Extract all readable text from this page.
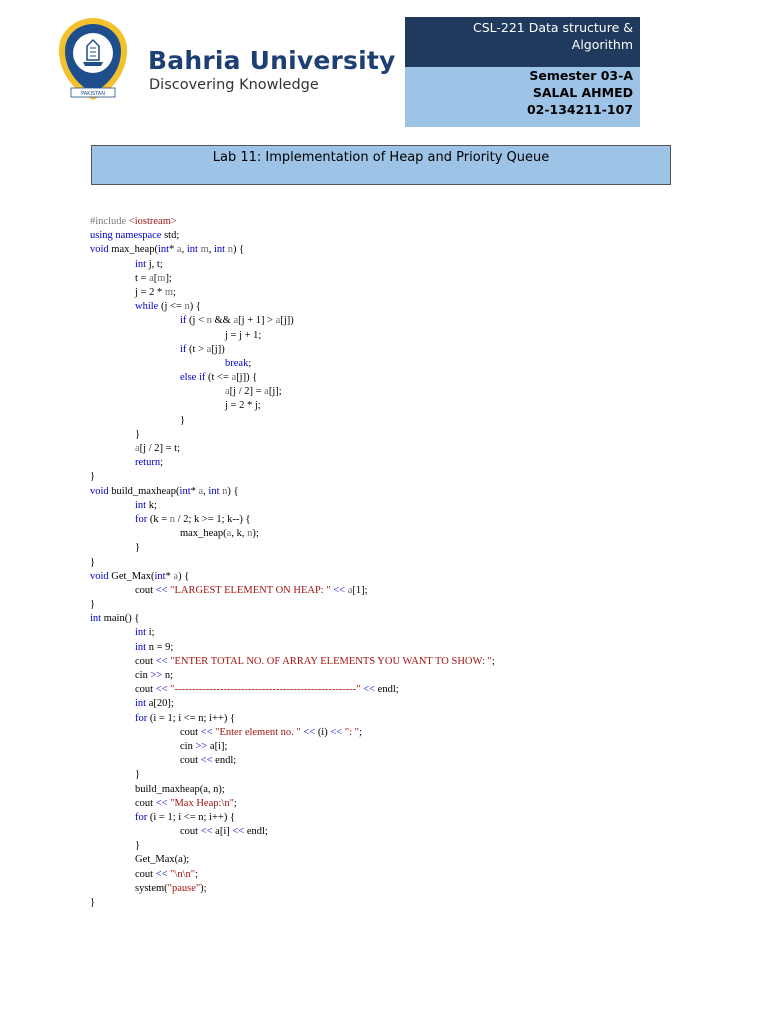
PAKISTAN
Bahria University
Discovering Knowledge
CSL-221 Data structure &
Algorithm
Semester 03-A
SALAL AHMED
02-134211-107
Lab 11: Implementation of Heap and Priority Queue
#include <iostream>
using namespace std;
void max_heap(int* a, int m, int n) {
int j, t;
t = a[m];
j = 2 * m;
while (j <= n) {
if (j < n && a[j + 1] > a[j])
j = j + 1;
if (t > a[j])
break;
else if (t <= a[j]) {
a[j / 2] = a[j];
j = 2 * j;
}
}
a[j / 2] = t;
return;
}
void build_maxheap(int* a, int n) {
int k;
for (k = n / 2; k >= 1; k--) {
max_heap(a, k, n);
}
}
void Get_Max(int* a) {
cout << "LARGEST ELEMENT ON HEAP: " << a[1];
}
int main() {
int i;
int n = 9;
cout << "ENTER TOTAL NO. OF ARRAY ELEMENTS YOU WANT TO SHOW: ";
cin >> n;
cout << "----------------------------------------------------" << endl;
int a[20];
for (i = 1; i <= n; i++) {
cout << "Enter element no. " << (i) << ": ";
cin >> a[i];
cout << endl;
}
build_maxheap(a, n);
cout << "Max Heap:\n";
for (i = 1; i <= n; i++) {
cout << a[i] << endl;
}
Get_Max(a);
cout << "\n\n";
system("pause");
}
